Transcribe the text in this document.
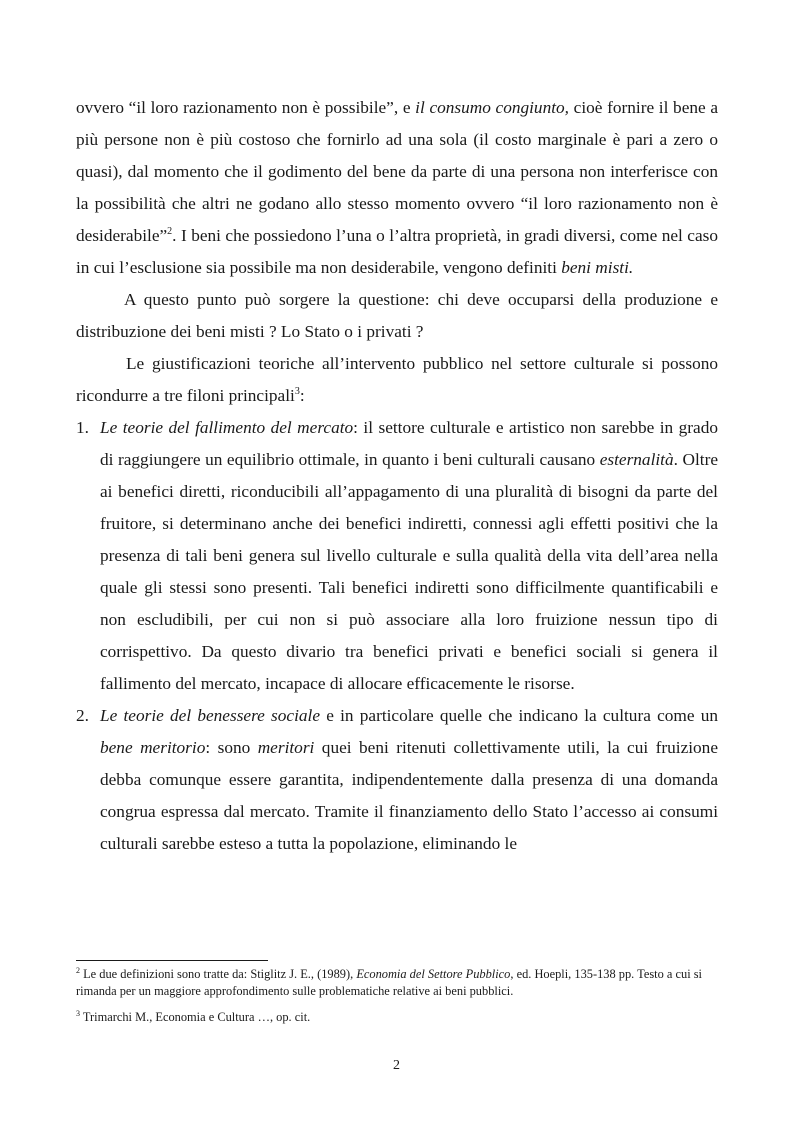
ovvero “il loro razionamento non è possibile”, e il consumo congiunto, cioè fornire il bene a più persone non è più costoso che fornirlo ad una sola (il costo marginale è pari a zero o quasi), dal momento che il godimento del bene da parte di una persona non interferisce con la possibilità che altri ne godano allo stesso momento ovvero “il loro razionamento non è desiderabile”$^2$. I beni che possiedono l’una o l’altra proprietà, in gradi diversi, come nel caso in cui l’esclusione sia possibile ma non desiderabile, vengono definiti beni misti.

A questo punto può sorgere la questione: chi deve occuparsi della produzione e distribuzione dei beni misti ? Lo Stato o i privati ?

Le giustificazioni teoriche all’intervento pubblico nel settore culturale si possono ricondurre a tre filoni principali$^3$:

1. Le teorie del fallimento del mercato: il settore culturale e artistico non sarebbe in grado di raggiungere un equilibrio ottimale, in quanto i beni culturali causano esternalità. Oltre ai benefici diretti, riconducibili all’appagamento di una pluralità di bisogni da parte del fruitore, si determinano anche dei benefici indiretti, connessi agli effetti positivi che la presenza di tali beni genera sul livello culturale e sulla qualità della vita dell’area nella quale gli stessi sono presenti. Tali benefici indiretti sono difficilmente quantificabili e non escludibili, per cui non si può associare alla loro fruizione nessun tipo di corrispettivo. Da questo divario tra benefici privati e benefici sociali si genera il fallimento del mercato, incapace di allocare efficacemente le risorse.
2. Le teorie del benessere sociale e in particolare quelle che indicano la cultura come un bene meritorio: sono meritori quei beni ritenuti collettivamente utili, la cui fruizione debba comunque essere garantita, indipendentemente dalla presenza di una domanda congrua espressa dal mercato. Tramite il finanziamento dello Stato l’accesso ai consumi culturali sarebbe esteso a tutta la popolazione, eliminando le

$^2$ Le due definizioni sono tratte da: Stiglitz J. E., (1989), Economia del Settore Pubblico, ed. Hoepli, 135-138 pp. Testo a cui si rimanda per un maggiore approfondimento sulle problematiche relative ai beni pubblici.

$^3$ Trimarchi M., Economia e Cultura …, op. cit.

2
